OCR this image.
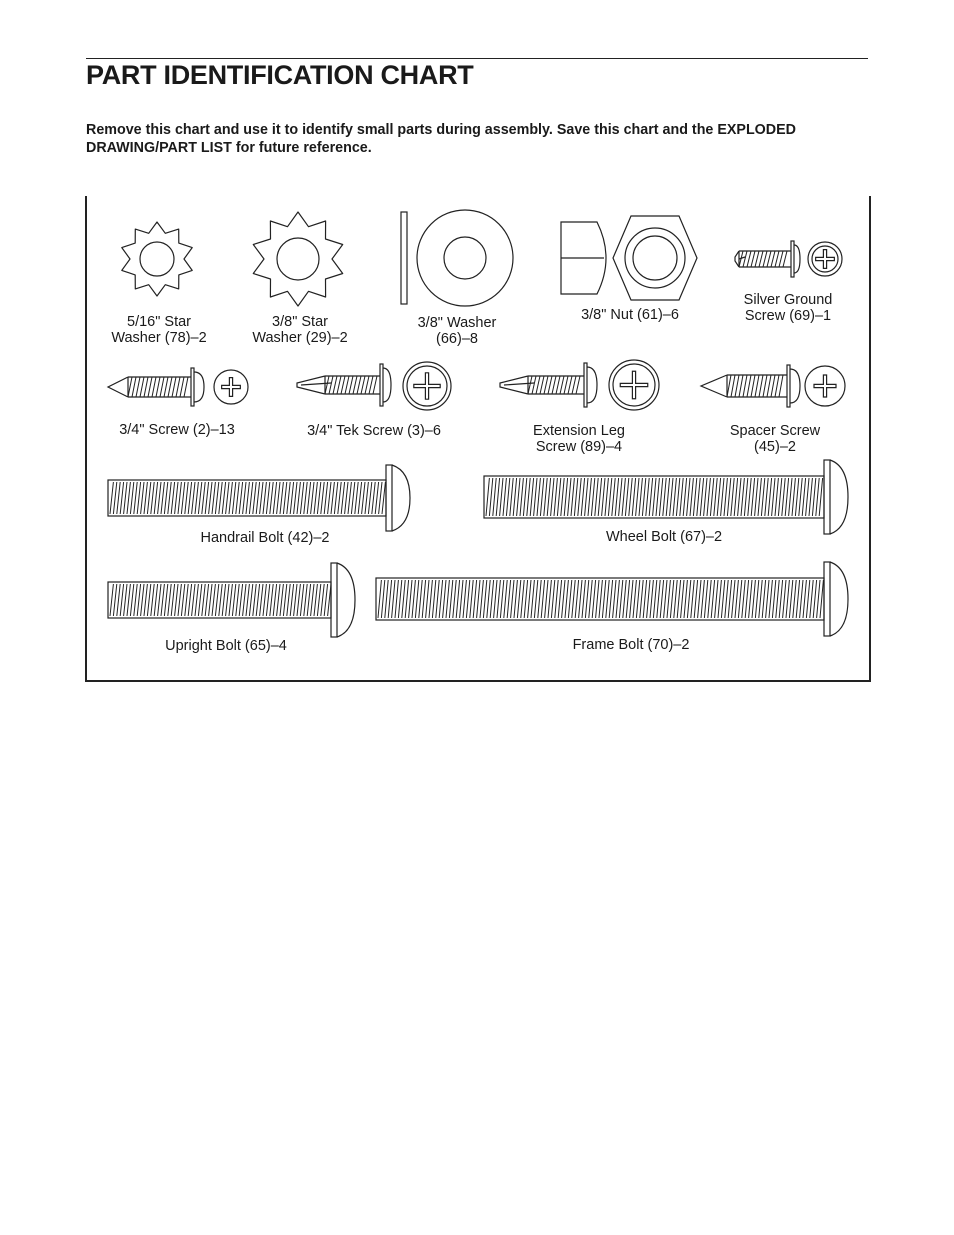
PART IDENTIFICATION CHART

Remove this chart and use it to identify small parts during assembly. Save this chart and the EXPLODED DRAWING/PART LIST for future reference.

5/16" Star
Washer (78)–2
3/8" Star
Washer (29)–2
3/8" Washer
(66)–8
3/8" Nut (61)–6
Silver Ground
Screw (69)–1
3/4" Screw (2)–13	3/4" Tek Screw (3)–6	Extension Leg
Screw (89)–4
Spacer Screw
(45)–2
Handrail Bolt (42)–2	Wheel Bolt (67)–2
Upright Bolt (65)–4	Frame Bolt (70)–2
